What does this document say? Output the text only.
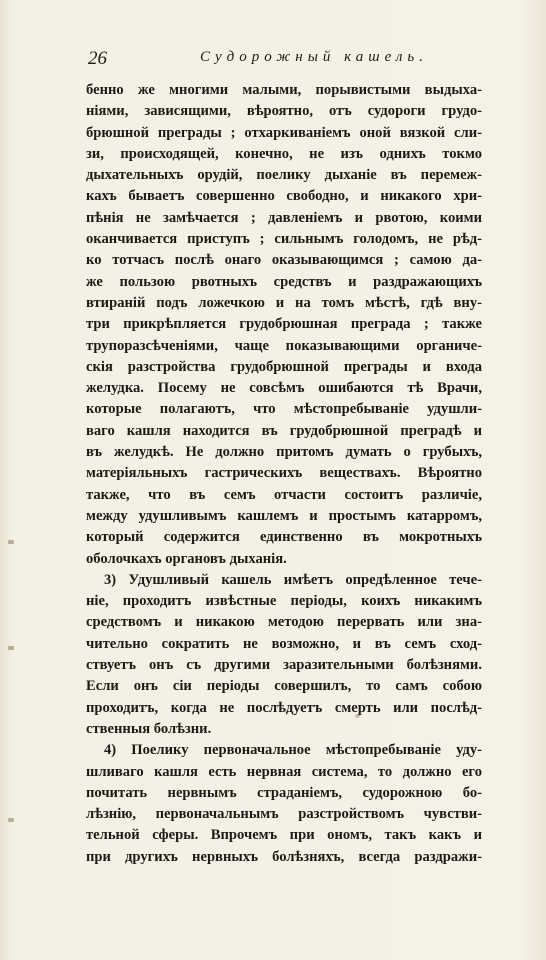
26	Судорожный кашель.
бенно же многими малыми, порывистыми выдыха-
ніями, зависящими, вѣроятно, отъ судороги грудо-
брюшной преграды ; отхаркиваніемъ оной вязкой сли-
зи, происходящей, конечно, не изъ однихъ токмо
дыхательныхъ орудій, поелику дыханіе въ перемеж-
кахъ бываетъ совершенно свободно, и никакого хри-
пѣнія не замѣчается ; давленіемъ и рвотою, коими
оканчивается приступъ ; сильнымъ голодомъ, не рѣд-
ко тотчасъ послѣ онаго оказывающимся ; самою да-
же пользою рвотныхъ средствъ и раздражающихъ
втираній подъ ложечкою и на томъ мѣстѣ, гдѣ вну-
три прикрѣпляется грудобрюшная преграда ; также
трупоразсѣченіями, чаще показывающими органиче-
скія разстройства грудобрюшной преграды и входа
желудка. Посему не совсѣмъ ошибаются тѣ Врачи,
которые полагаютъ, что мѣстопребываніе удушли-
ваго кашля находится въ грудобрюшной преградѣ и
въ желудкѣ. Не должно притомъ думать о грубыхъ,
матеріяльныхъ гастрическихъ веществахъ. Вѣроятно
также, что въ семъ отчасти состоитъ различіе,
между удушливымъ кашлемъ и простымъ катарромъ,
который содержится единственно въ мокротныхъ
оболочкахъ органовъ дыханія.
3) Удушливый кашель имѣетъ опредѣленное тече-
ніе, проходитъ извѣстные періоды, коихъ никакимъ
средствомъ и никакою методою перервать или зна-
чительно сократить не возможно, и въ семъ сход-
ствуетъ онъ съ другими заразительными болѣзнями.
Если онъ сіи періоды совершилъ, то самъ собою
проходитъ, когда не послѣдуетъ смерть или послѣд-
ственныя болѣзни.
4) Поелику первоначальное мѣстопребываніе уду-
шливаго кашля есть нервная система, то должно его
почитать нервнымъ страданіемъ, судорожною бо-
лѣзнію, первоначальнымъ разстройствомъ чувстви-
тельной сферы. Впрочемъ при ономъ, такъ какъ и
при другихъ нервныхъ болѣзняхъ, всегда раздражи-
